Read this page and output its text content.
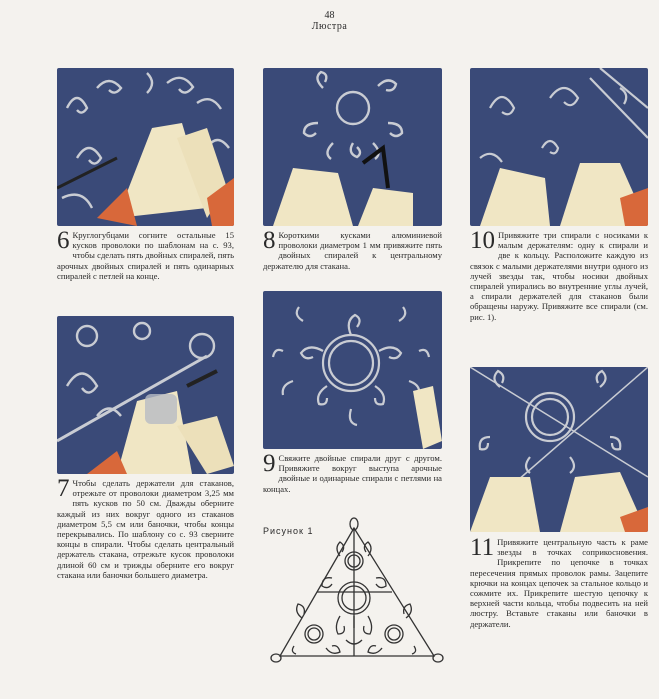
48
Люстра
6 Круглогубцами согните остальные 15 кусков проволоки по шаблонам на с. 93, чтобы сделать пять двойных спиралей, пять арочных двойных спиралей и пять одинарных спиралей с петлей на конце.
7 Чтобы сделать держатели для стаканов, отрежьте от проволоки диаметром 3,25 мм пять кусков по 50 см. Дважды оберните каждый из них вокруг одного из стаканов диаметром 5,5 см или баночки, чтобы концы перекрывались. По шаблону со с. 93 сверните концы в спирали. Чтобы сделать центральный держатель стакана, отрежьте кусок проволоки длиной 60 см и трижды оберните его вокруг стакана или баночки большего диаметра.
8 Короткими кусками алюминиевой проволоки диаметром 1 мм привяжите пять двойных спиралей к центральному держателю для стакана.
9 Свяжите двойные спирали друг с другом. Привяжите вокруг выступа арочные двойные и одинарные спирали с петлями на концах.
Рисунок 1
10 Привяжите три спирали с носиками к малым держателям: одну к спирали и две к кольцу. Расположите каждую из связок с малыми держателями внутри одного из лучей звезды так, чтобы носики двойных спиралей упирались во внутренние углы лучей, а спирали держателей для стаканов были обращены наружу. Привяжите все спирали (см. рис. 1).
11 Привяжите центральную часть к раме звезды в точках соприкосновения. Прикрепите по цепочке в точках пересечения прямых проволок рамы. Зацепите крючки на концах цепочек за стальное кольцо и сожмите их. Прикрепите шестую цепочку к верхней части кольца, чтобы подвесить на ней люстру. Вставьте стаканы или баночки в держатели.
